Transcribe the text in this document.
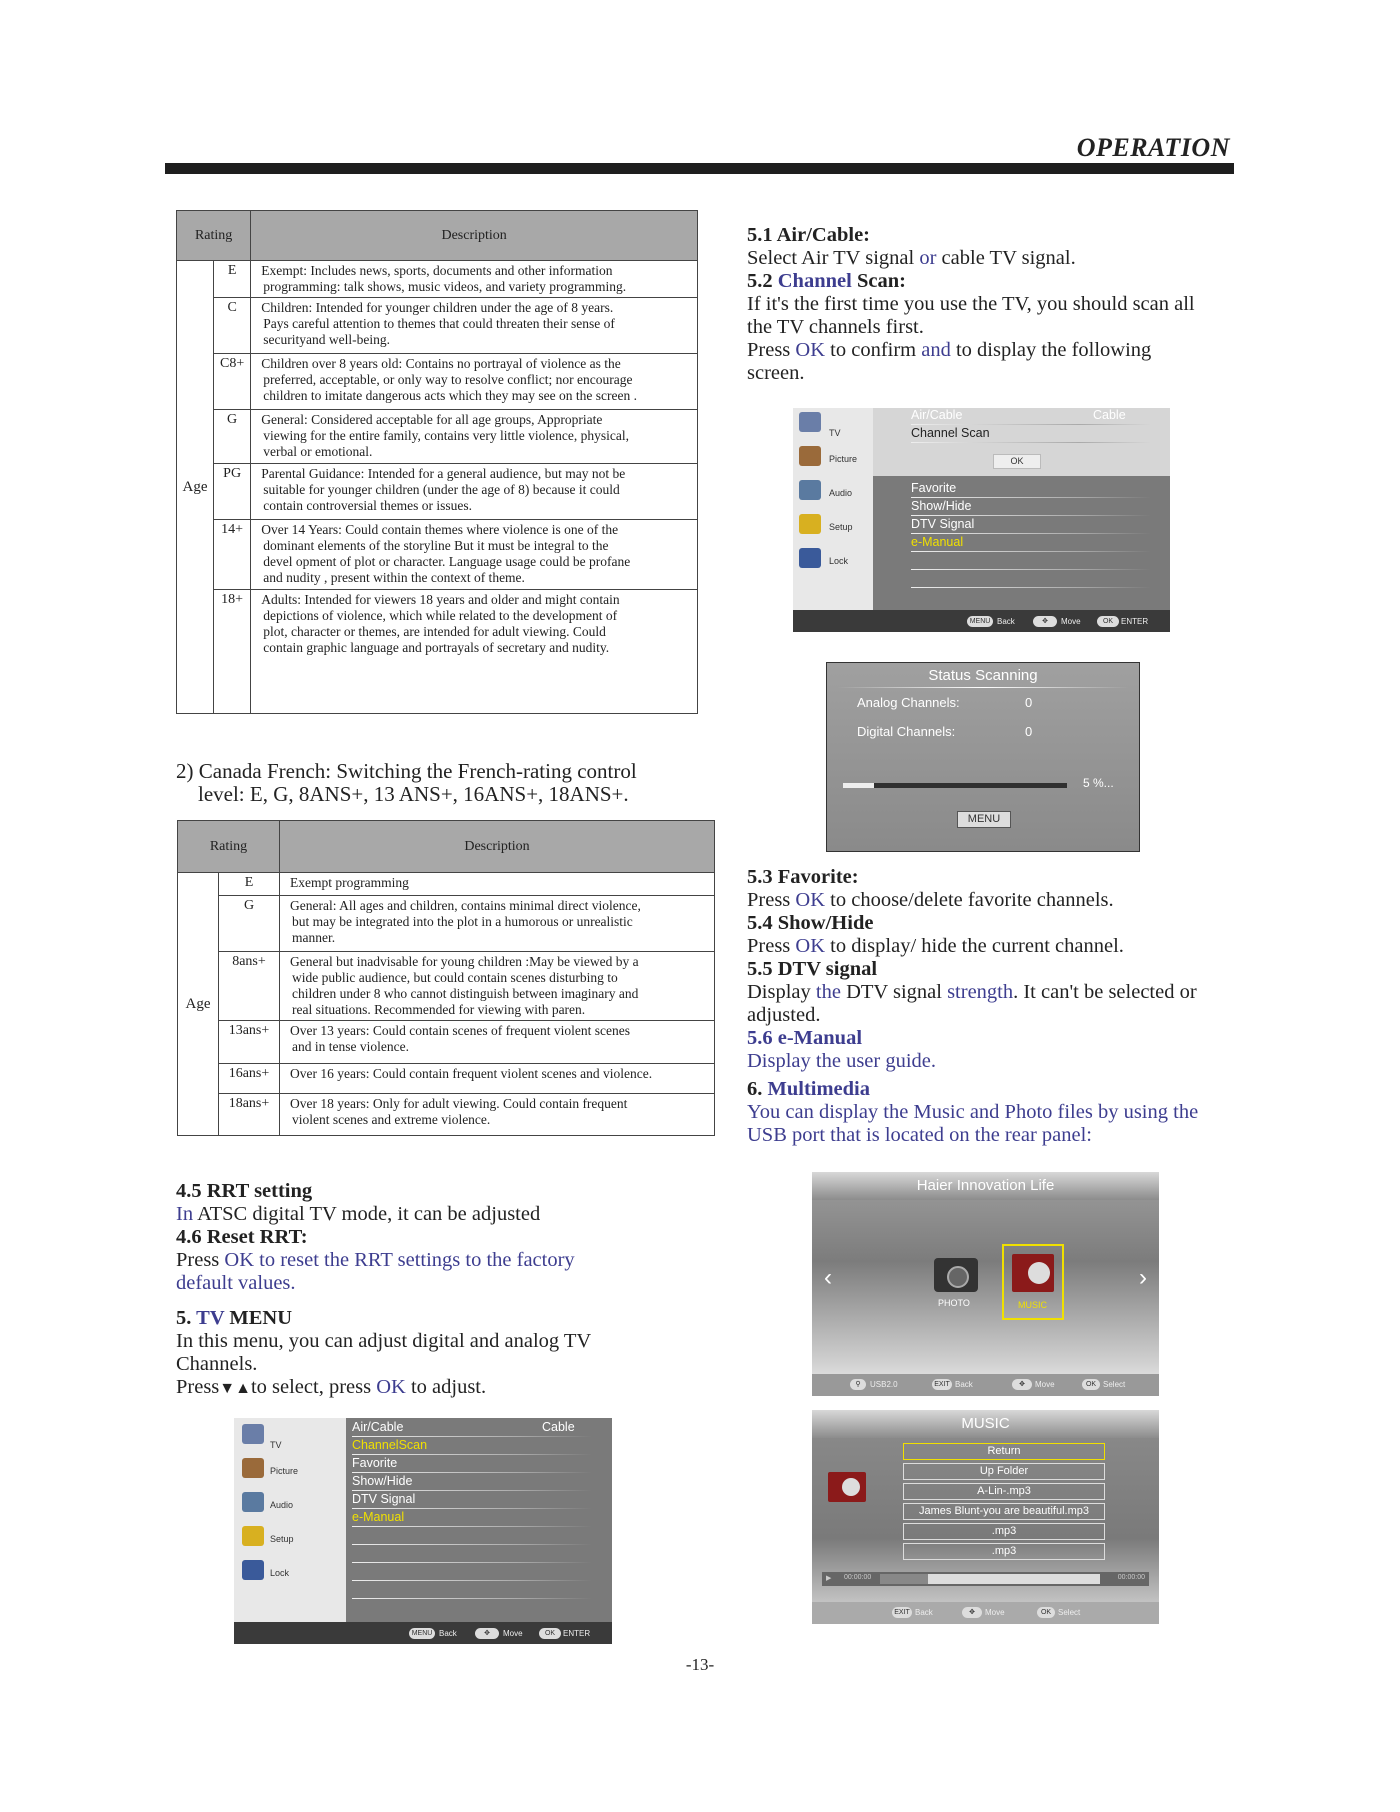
OPERATION
Rating		Description
Age	E	Exempt: Includes news, sports, documents and other information
programming: talk shows, music videos, and variety programming.

	C	Children: Intended for younger children under the age of 8 years.
Pays careful attention to themes that could threaten their sense of
securityand well-being.

	C8+	Children over 8 years old: Contains no portrayal of violence as the
preferred, acceptable, or only way to resolve conflict; nor encourage
children to imitate dangerous acts which they may see on the screen .

	G	General: Considered acceptable for all age groups, Appropriate
viewing for the entire family, contains very little violence, physical,
verbal or emotional.

	PG	Parental Guidance: Intended for a general audience, but may not be
suitable for younger children (under the age of 8) because it could
contain controversial themes or issues.

	14+	Over 14 Years: Could contain themes where violence is one of the
dominant elements of the storyline But it must be integral to the
devel opment of plot or character. Language usage could be profane
and nudity , present within the context of theme.

	18+	Adults: Intended for viewers 18 years and older and might contain
depictions of violence, which while related to the development of
plot, character or themes, are intended for adult viewing. Could
contain graphic language and portrayals of secretary and nudity.
2) Canada French: Switching the French-rating control
level: E, G, 8ANS+, 13 ANS+, 16ANS+, 18ANS+.
Rating		Description
Age	E	Exempt programming

	G	General: All ages and children, contains minimal direct violence,
but may be integrated into the plot in a humorous or unrealistic
manner.

	8ans+	General but inadvisable for young children :May be viewed by a
wide public audience, but could contain scenes disturbing to
children under 8 who cannot distinguish between imaginary and
real situations. Recommended for viewing with paren.

	13ans+	Over 13 years: Could contain scenes of frequent violent scenes
and in tense violence.

	16ans+	Over 16 years: Could contain frequent violent scenes and violence.

	18ans+	Over 18 years: Only for adult viewing. Could contain frequent
violent scenes and extreme violence.
4.5 RRT setting
In ATSC digital TV mode, it can be adjusted
4.6 Reset RRT:
Press OK to reset the RRT settings to the factory
default values.
5. TV MENU
In this menu, you can adjust digital and analog TV
Channels.
Press▼▲to select, press OK to adjust.
5.1 Air/Cable:
Select Air TV signal or cable TV signal.
5.2 Channel Scan:
If it's the first time you use the TV, you should scan all
the TV channels first.
Press OK to confirm and to display the following
screen.
5.3 Favorite:
Press OK to choose/delete favorite channels.
5.4 Show/Hide
Press OK to display/ hide the current channel.
5.5 DTV signal
Display the DTV signal strength. It can't be selected or
adjusted.
5.6 e-Manual
Display the user guide.
6. Multimedia
You can display the Music and Photo files by using the
USB port that is located on the rear panel:
TV
Picture
Audio
Setup
Lock
Air/Cable
ChannelScan
Favorite
Show/Hide
DTV Signal
e-Manual
Cable
MENU Back	✥	Move	OK ENTER
TV
Picture
Audio
Setup
Lock
Air/Cable
Channel Scan
Favorite
Show/Hide
DTV Signal
e-Manual
Cable
MENU Back	✥	Move	OK ENTER
OK
Status Scanning
Analog Channels:	0
Digital Channels:	0
5 %...
MENU
Haier Innovation Life
‹	›
PHOTO	MUSIC
⚲	USB2.0	EXIT Back	✥	Move	OK Select
MUSIC
▶ 00:00:00	00:00:00
EXIT Back	✥	Move	OK Select
Return
Up Folder
A-Lin-.mp3
James Blunt-you are beautiful.mp3
.mp3
.mp3
-13-
